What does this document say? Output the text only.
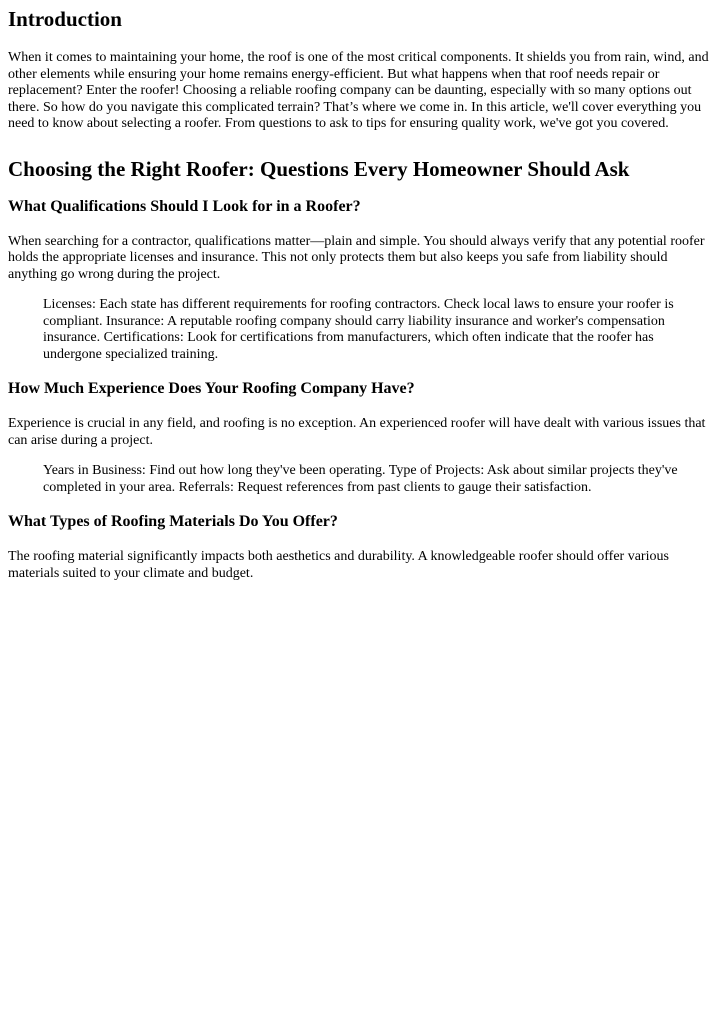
Introduction

When it comes to maintaining your home, the roof is one of the most critical components. It shields you from rain, wind, and other elements while ensuring your home remains energy-efficient. But what happens when that roof needs repair or replacement? Enter the roofer! Choosing a reliable roofing company can be daunting, especially with so many options out there. So how do you navigate this complicated terrain? That’s where we come in. In this article, we'll cover everything you need to know about selecting a roofer. From questions to ask to tips for ensuring quality work, we've got you covered.

Choosing the Right Roofer: Questions Every Homeowner Should Ask
What Qualifications Should I Look for in a Roofer?

When searching for a contractor, qualifications matter—plain and simple. You should always verify that any potential roofer holds the appropriate licenses and insurance. This not only protects them but also keeps you safe from liability should anything go wrong during the project.

Licenses: Each state has different requirements for roofing contractors. Check local laws to ensure your roofer is compliant. Insurance: A reputable roofing company should carry liability insurance and worker's compensation insurance. Certifications: Look for certifications from manufacturers, which often indicate that the roofer has undergone specialized training.
How Much Experience Does Your Roofing Company Have?

Experience is crucial in any field, and roofing is no exception. An experienced roofer will have dealt with various issues that can arise during a project.

Years in Business: Find out how long they've been operating. Type of Projects: Ask about similar projects they've completed in your area. Referrals: Request references from past clients to gauge their satisfaction.
What Types of Roofing Materials Do You Offer?

The roofing material significantly impacts both aesthetics and durability. A knowledgeable roofer should offer various materials suited to your climate and budget.
